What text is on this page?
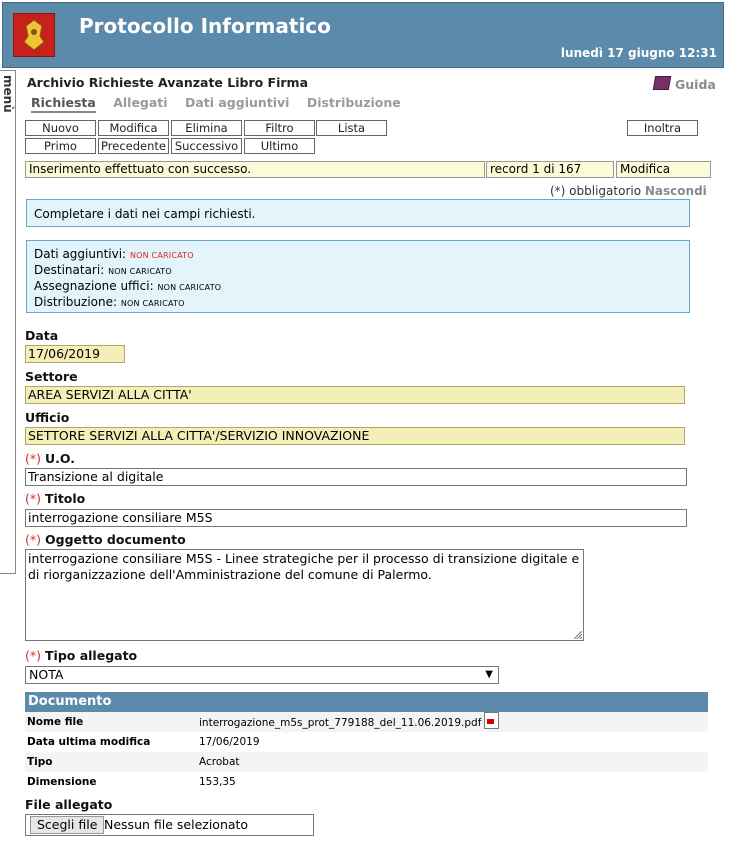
Protocollo Informatico
lunedì 17 giugno 12:31
menù Archivio Richieste Avanzate Libro Firma	Guida
Richiesta Allegati Dati aggiuntivi Distribuzione
Nuovo	Modifica	Elimina	Filtro	Lista	Inoltra
Primo	Precedente Successivo	Ultimo
Inserimento effettuato con successo.	record 1 di 167	Modifica
(*) obbligatorio Nascondi
Completare i dati nei campi richiesti.
Dati aggiuntivi: NON CARICATO
Destinatari: NON CARICATO
Assegnazione uffici: NON CARICATO
Distribuzione: NON CARICATO
Data
17/06/2019
Settore
AREA SERVIZI ALLA CITTA'
Ufficio
SETTORE SERVIZI ALLA CITTA'/SERVIZIO INNOVAZIONE
(*) U.O.
Transizione al digitale
(*) Titolo
interrogazione consiliare M5S
(*) Oggetto documento
interrogazione consiliare M5S - Linee strategiche per il processo di transizione digitale e di riorganizzazione dell'Amministrazione del comune di Palermo.
(*) Tipo allegato
NOTA	▼
Documento
Nome file	interrogazione_m5s_prot_779188_del_11.06.2019.pdf
Data ultima modifica	17/06/2019
Tipo	Acrobat
Dimensione	153,35
File allegato
Scegli file Nessun file selezionato
